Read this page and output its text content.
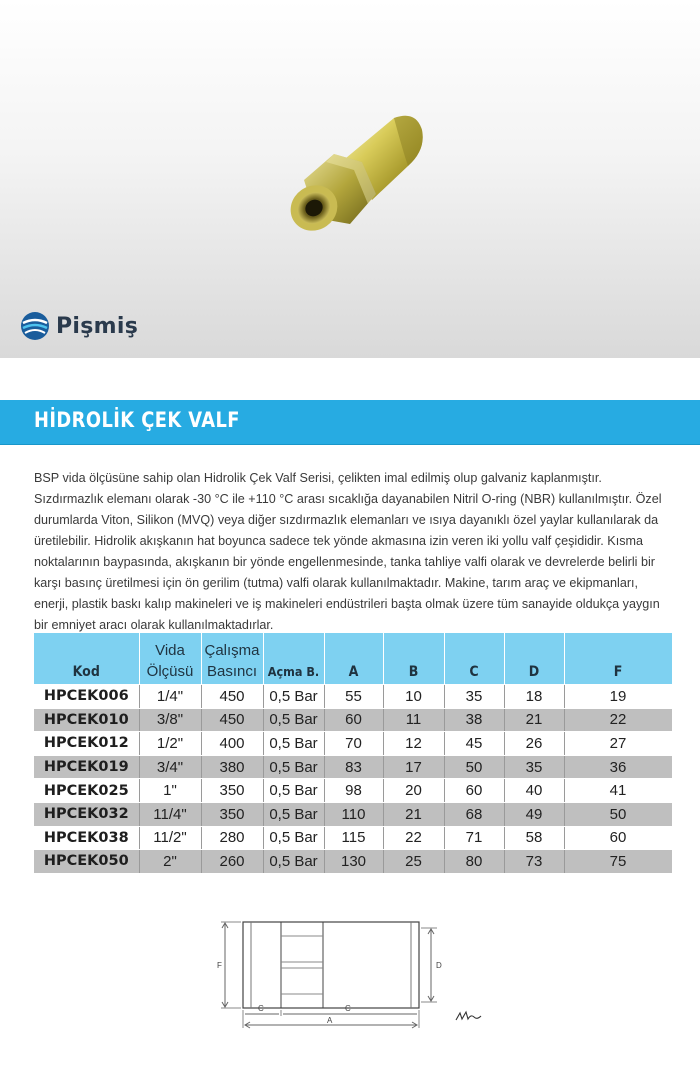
Pişmiş
HİDROLİK ÇEK VALF
BSP vida ölçüsüne sahip olan Hidrolik Çek Valf Serisi, çelikten imal edilmiş olup galvaniz kaplanmıştır. Sızdırmazlık elemanı olarak -30 °C ile +110 °C arası sıcaklığa dayanabilen Nitril O-ring (NBR) kullanılmıştır. Özel durumlarda Viton, Silikon (MVQ) veya diğer sızdırmazlık elemanları ve ısıya dayanıklı özel yaylar kullanılarak da üretilebilir. Hidrolik akışkanın hat boyunca sadece tek yönde akmasına izin veren iki yollu valf çeşididir. Kısma noktalarının baypasında, akışkanın bir yönde engellenmesinde, tanka tahliye valfi olarak ve devrelerde belirli bir karşı basınç üretilmesi için ön gerilim (tutma) valfi olarak kullanılmaktadır. Makine, tarım araç ve ekipmanları, enerji, plastik baskı kalıp makineleri ve iş makineleri endüstrileri başta olmak üzere tüm sanayide oldukça yaygın bir emniyet aracı olarak kullanılmaktadırlar.
	Vida	Çalışma						
Kod	Ölçüsü	Basıncı	Açma B.	A	B	C	D	F
HPCEK006	1/4"	450	0,5 Bar	55	10	35	18	19
HPCEK010	3/8"	450	0,5 Bar	60	11	38	21	22
HPCEK012	1/2"	400	0,5 Bar	70	12	45	26	27
HPCEK019	3/4"	380	0,5 Bar	83	17	50	35	36
HPCEK025	1"	350	0,5 Bar	98	20	60	40	41
HPCEK032	11/4"	350	0,5 Bar	110	21	68	49	50
HPCEK038	11/2"	280	0,5 Bar	115	22	71	58	60
HPCEK050	2"	260	0,5 Bar	130	25	80	73	75
F	D
C	C
A
